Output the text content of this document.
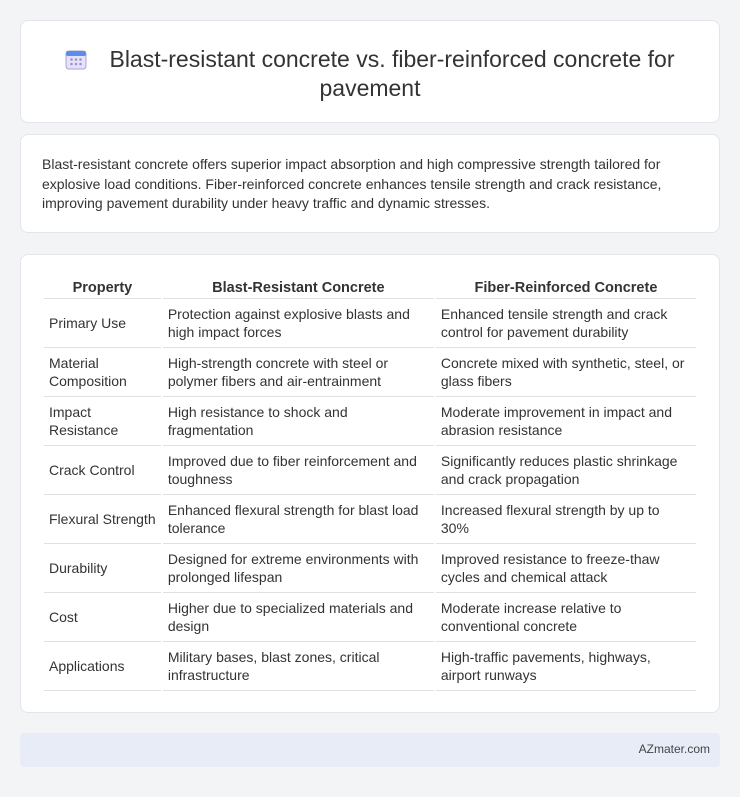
Blast-resistant concrete vs. fiber-reinforced concrete for pavement

Blast-resistant concrete offers superior impact absorption and high compressive strength tailored for explosive load conditions. Fiber-reinforced concrete enhances tensile strength and crack resistance, improving pavement durability under heavy traffic and dynamic stresses.

Property	Blast-Resistant Concrete	Fiber-Reinforced Concrete
Primary Use	Protection against explosive blasts and high impact forces	Enhanced tensile strength and crack control for pavement durability
Material Composition	High-strength concrete with steel or polymer fibers and air-entrainment	Concrete mixed with synthetic, steel, or glass fibers
Impact Resistance	High resistance to shock and fragmentation	Moderate improvement in impact and abrasion resistance
Crack Control	Improved due to fiber reinforcement and toughness	Significantly reduces plastic shrinkage and crack propagation
Flexural Strength	Enhanced flexural strength for blast load tolerance	Increased flexural strength by up to 30%
Durability	Designed for extreme environments with prolonged lifespan	Improved resistance to freeze-thaw cycles and chemical attack
Cost	Higher due to specialized materials and design	Moderate increase relative to conventional concrete
Applications	Military bases, blast zones, critical infrastructure	High-traffic pavements, highways, airport runways
AZmater.com
